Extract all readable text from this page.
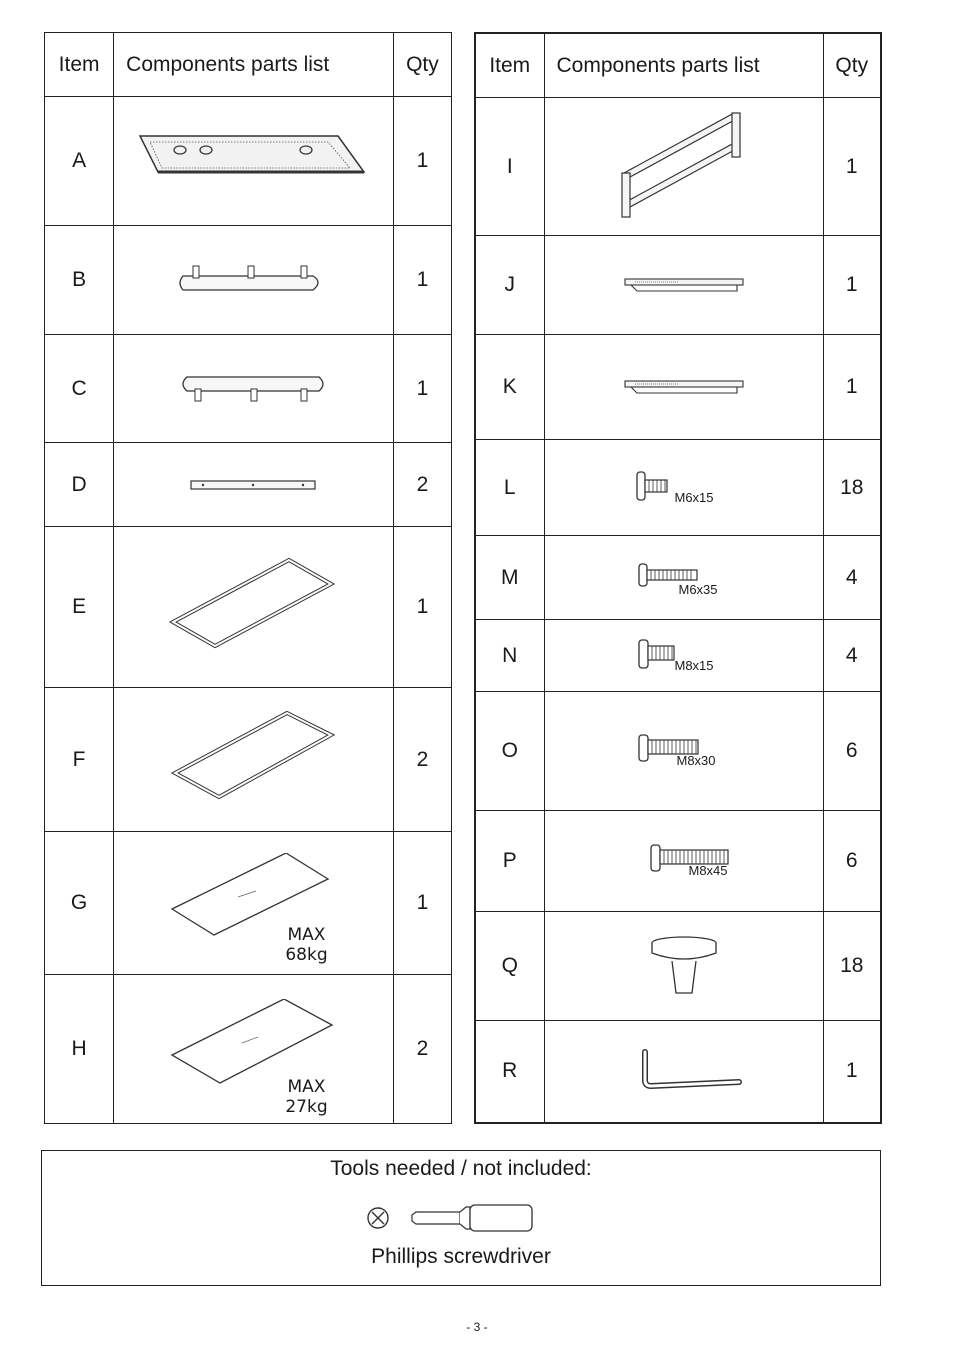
Item	Components parts list	Qty
A		1
B		1
C		1
D		2
E		1
F		2
G	MAX 68kg	1
H	MAX 27kg	2
Item	Components parts list	Qty
I		1
J		1
K		1
L	M6x15	18
M	M6x35	4
N	M8x15	4
O	M8x30	6
P	M8x45	6
Q		18
R		1
Tools needed / not included:
Phillips screwdriver
- 3 -
